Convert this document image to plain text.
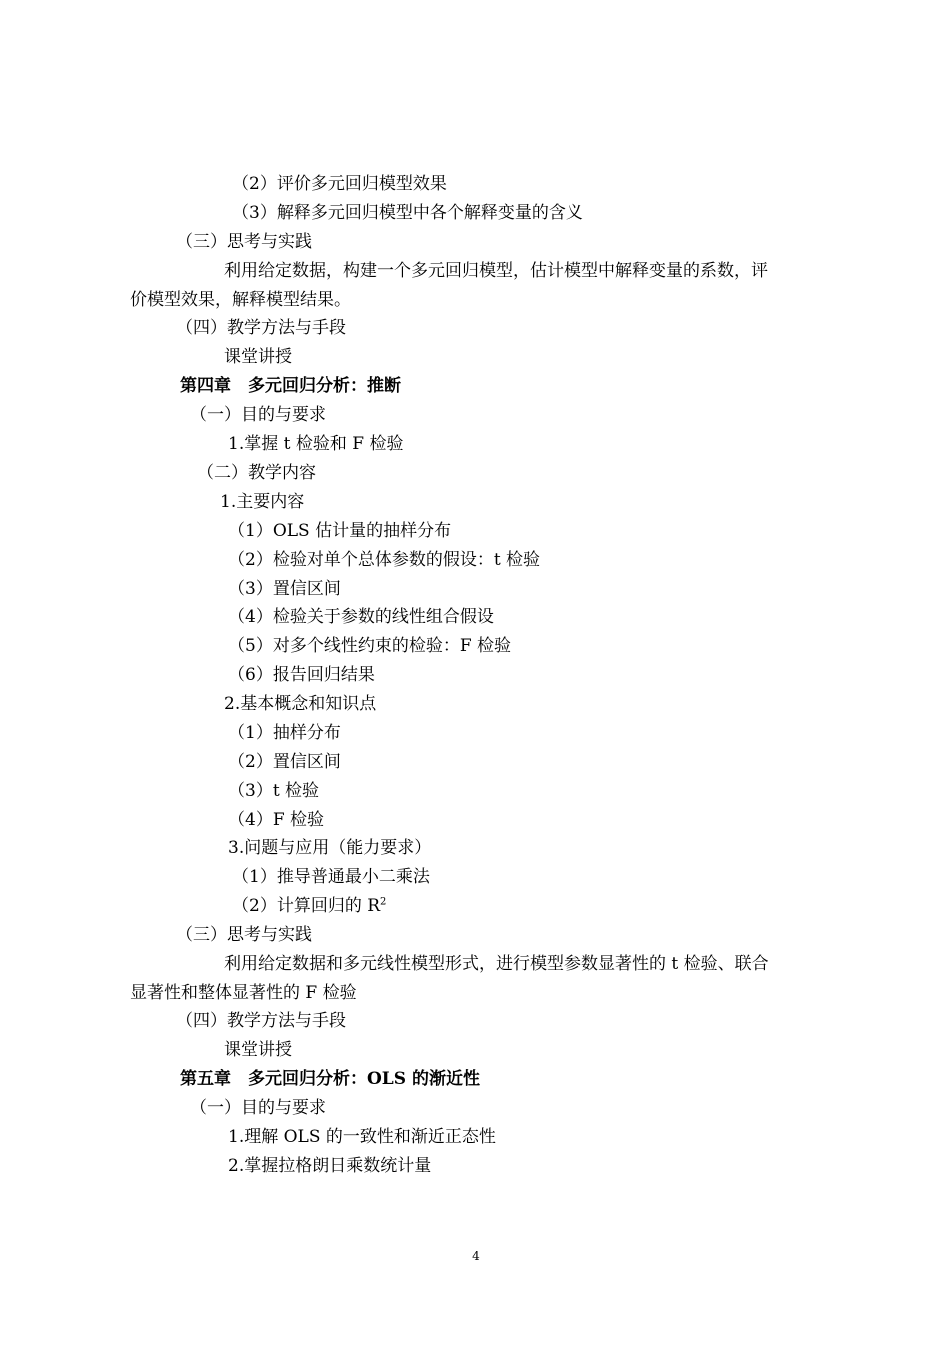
（2）评价多元回归模型效果
（3）解释多元回归模型中各个解释变量的含义
（三）思考与实践
利用给定数据，构建一个多元回归模型，估计模型中解释变量的系数，评
价模型效果，解释模型结果。
（四）教学方法与手段
课堂讲授
第四章　多元回归分析：推断
（一）目的与要求
1.掌握 t 检验和 F 检验
（二）教学内容
1.主要内容
（1）OLS 估计量的抽样分布
（2）检验对单个总体参数的假设：t 检验
（3）置信区间
（4）检验关于参数的线性组合假设
（5）对多个线性约束的检验：F 检验
（6）报告回归结果
2.基本概念和知识点
（1）抽样分布
（2）置信区间
（3）t 检验
（4）F 检验
3.问题与应用（能力要求）
（1）推导普通最小二乘法
（2）计算回归的 $R^2$
（三）思考与实践
利用给定数据和多元线性模型形式，进行模型参数显著性的 t 检验、联合
显著性和整体显著性的 F 检验
（四）教学方法与手段
课堂讲授
第五章　多元回归分析：OLS 的渐近性
（一）目的与要求
1.理解 OLS 的一致性和渐近正态性
2.掌握拉格朗日乘数统计量
4
